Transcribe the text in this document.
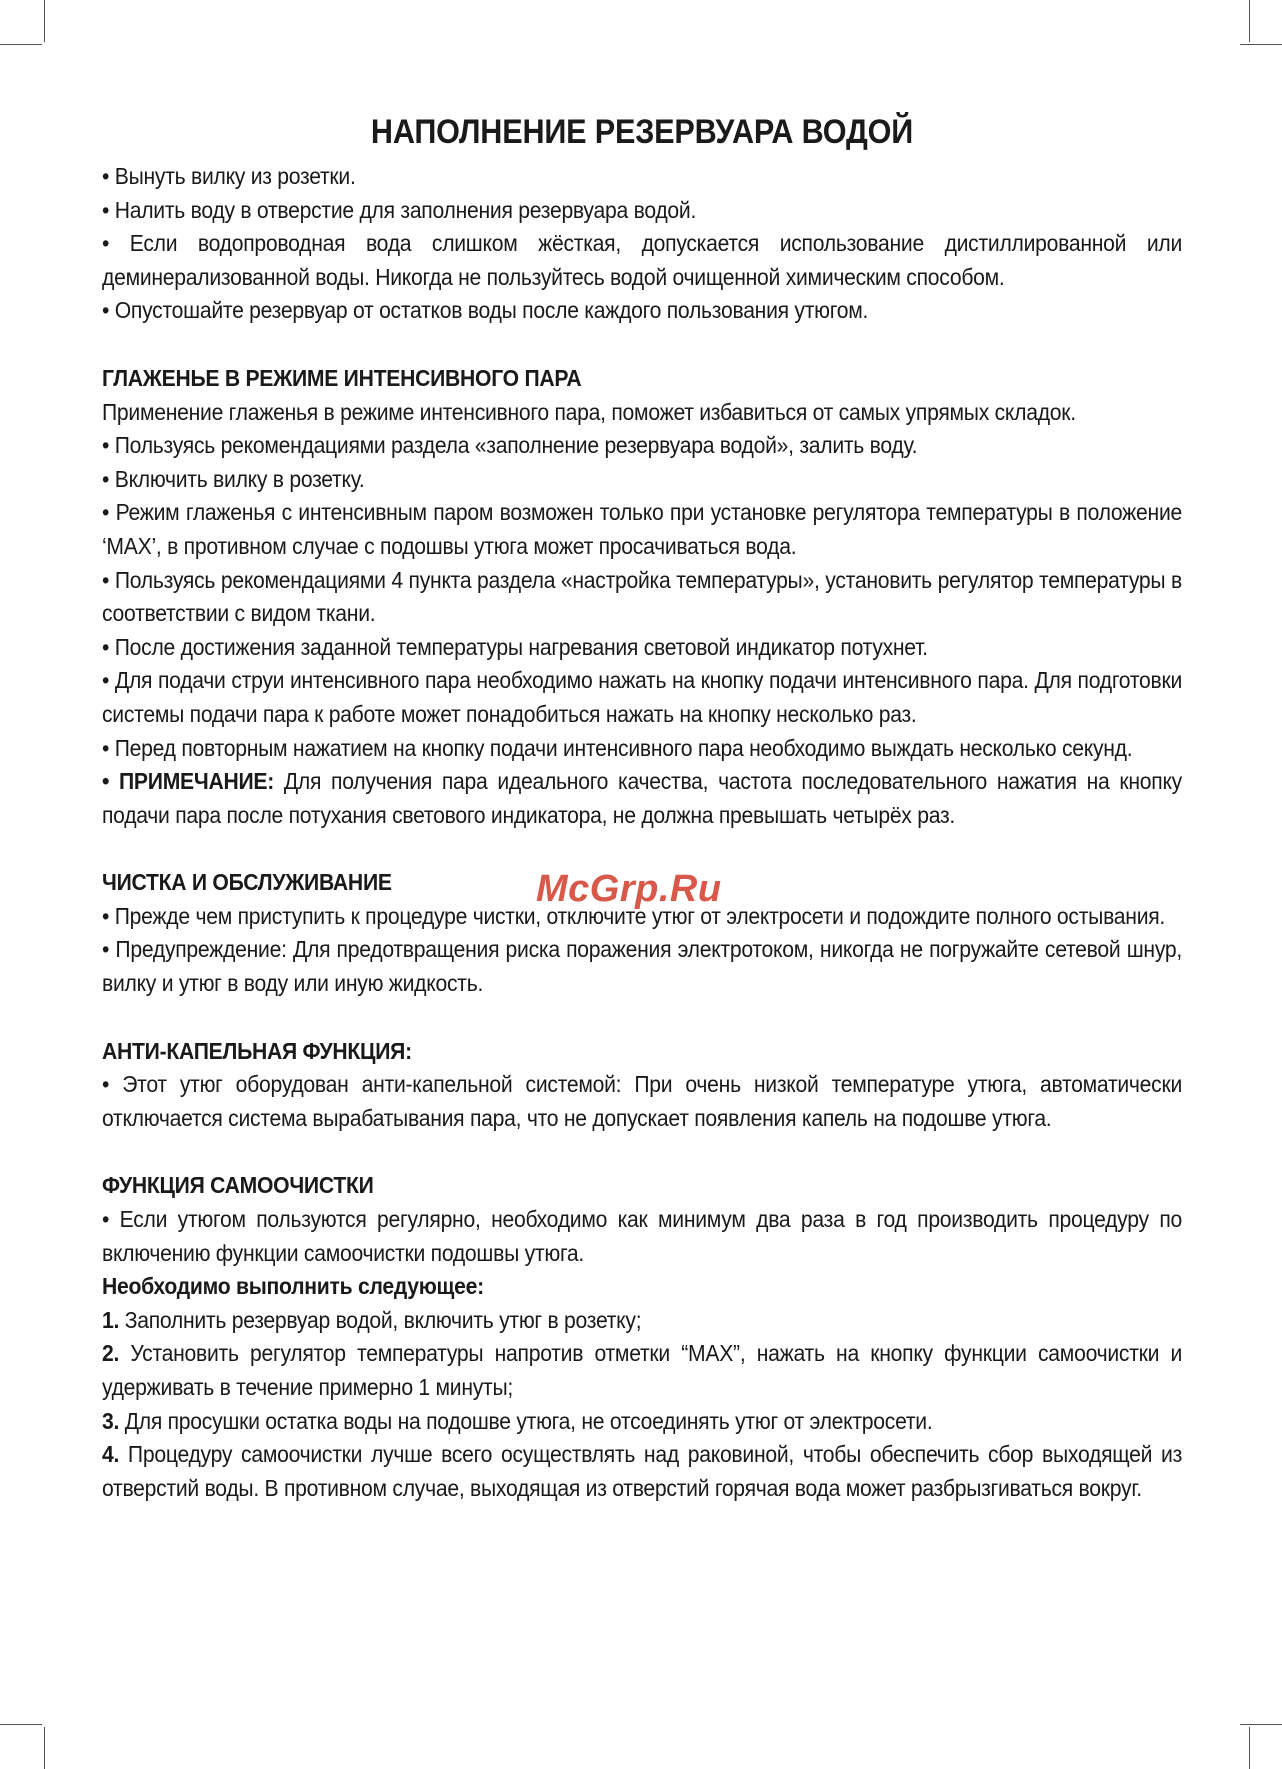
НАПОЛНЕНИЕ РЕЗЕРВУАРА ВОДОЙ

• Вынуть вилку из розетки.

• Налить воду в отверстие для заполнения резервуара водой.

• Если водопроводная вода слишком жёсткая, допускается использование дистиллированной или деминерализованной воды. Никогда не пользуйтесь водой очищенной химическим способом.

• Опустошайте резервуар от остатков воды после каждого пользования утюгом.

ГЛАЖЕНЬЕ В РЕЖИМЕ ИНТЕНСИВНОГО ПАРА

Применение глаженья в режиме интенсивного пара, поможет избавиться от самых упрямых складок.

• Пользуясь рекомендациями раздела «заполнение резервуара водой», залить воду.

• Включить вилку в розетку.

• Режим глаженья с интенсивным паром возможен только при установке регулятора температуры в положение ‘MAX’, в противном случае с подошвы утюга может просачиваться вода.

• Пользуясь рекомендациями 4 пункта раздела «настройка температуры», установить регулятор температуры в соответствии с видом ткани.

• После достижения заданной температуры нагревания световой индикатор потухнет.

• Для подачи струи интенсивного пара необходимо нажать на кнопку подачи интенсивного пара. Для подготовки системы подачи пара к работе может понадобиться нажать на кнопку несколько раз.

• Перед повторным нажатием на кнопку подачи интенсивного пара необходимо выждать несколько секунд.

• ПРИМЕЧАНИЕ: Для получения пара идеального качества, частота последовательного нажатия на кнопку подачи пара после потухания светового индикатора, не должна превышать четырёх раз.

ЧИСТКА И ОБСЛУЖИВАНИЕ

• Прежде чем приступить к процедуре чистки, отключите утюг от электросети и подождите полного остывания.

• Предупреждение: Для предотвращения риска поражения электротоком, никогда не погружайте сетевой шнур, вилку и утюг в воду или иную жидкость.

АНТИ-КАПЕЛЬНАЯ ФУНКЦИЯ:

• Этот утюг оборудован анти-капельной системой: При очень низкой температуре утюга, автоматически отключается система вырабатывания пара, что не допускает появления капель на подошве утюга.

ФУНКЦИЯ САМООЧИСТКИ

• Если утюгом пользуются регулярно, необходимо как минимум два раза в год производить процедуру по включению функции самоочистки подошвы утюга.

Необходимо выполнить следующее:

1. Заполнить резервуар водой, включить утюг в розетку;

2. Установить регулятор температуры напротив отметки “MAX”, нажать на кнопку функции самоочистки и удерживать в течение примерно 1 минуты;

3. Для просушки остатка воды на подошве утюга, не отсоединять утюг от электросети.

4. Процедуру самоочистки лучше всего осуществлять над раковиной, чтобы обеспечить сбор выходящей из отверстий воды. В противном случае, выходящая из отверстий горячая вода может разбрызгиваться вокруг.

McGrp.Ru
